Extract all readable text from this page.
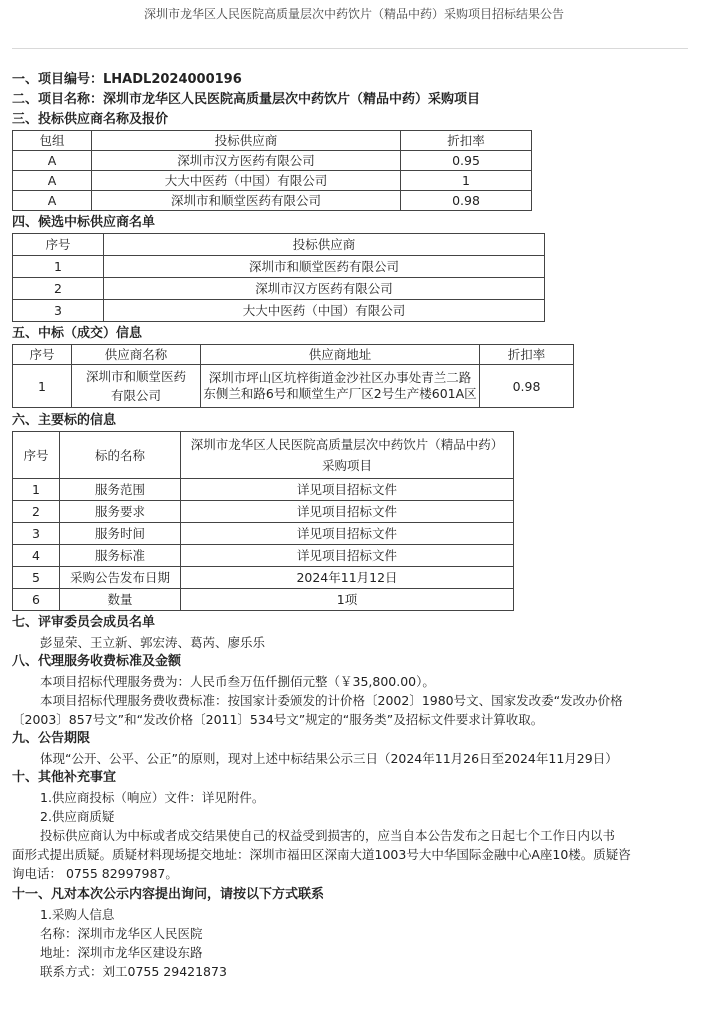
深圳市龙华区人民医院高质量层次中药饮片（精品中药）采购项目招标结果公告
一、项目编号：LHADL2024000196
二、项目名称：深圳市龙华区人民医院高质量层次中药饮片（精品中药）采购项目
三、投标供应商名称及报价
包组	投标供应商	折扣率
A	深圳市汉方医药有限公司	0.95
A	大大中医药（中国）有限公司	1
A	深圳市和顺堂医药有限公司	0.98
四、候选中标供应商名单
序号	投标供应商
1	深圳市和顺堂医药有限公司
2	深圳市汉方医药有限公司
3	大大中医药（中国）有限公司
五、中标（成交）信息
序号	供应商名称	供应商地址	折扣率
1	深圳市和顺堂医药有限公司	深圳市坪山区坑梓街道金沙社区办事处青兰二路东侧兰和路6号和顺堂生产厂区2号生产楼601A区	0.98
六、主要标的信息
序号	标的名称	深圳市龙华区人民医院高质量层次中药饮片（精品中药）采购项目
1	服务范围	详见项目招标文件
2	服务要求	详见项目招标文件
3	服务时间	详见项目招标文件
4	服务标准	详见项目招标文件
5	采购公告发布日期	2024年11月12日
6	数量	1项
七、评审委员会成员名单
彭显荣、王立新、郭宏涛、葛芮、廖乐乐
八、代理服务收费标准及金额
本项目招标代理服务费为：人民币叁万伍仟捌佰元整（￥35,800.00）。
本项目招标代理服务费收费标准：按国家计委颁发的计价格〔2002〕1980号文、国家发改委“发改办价格
〔2003〕857号文”和“发改价格〔2011〕534号文”规定的“服务类”及招标文件要求计算收取。
九、公告期限
体现“公开、公平、公正”的原则，现对上述中标结果公示三日（2024年11月26日至2024年11月29日）
十、其他补充事宜
1.供应商投标（响应）文件：详见附件。
2.供应商质疑
投标供应商认为中标或者成交结果使自己的权益受到损害的，应当自本公告发布之日起七个工作日内以书
面形式提出质疑。质疑材料现场提交地址：深圳市福田区深南大道1003号大中华国际金融中心A座10楼。质疑咨
询电话： 0755 82997987。
十一、凡对本次公示内容提出询问，请按以下方式联系
1.采购人信息
名称：深圳市龙华区人民医院
地址：深圳市龙华区建设东路
联系方式：刘工0755 29421873
